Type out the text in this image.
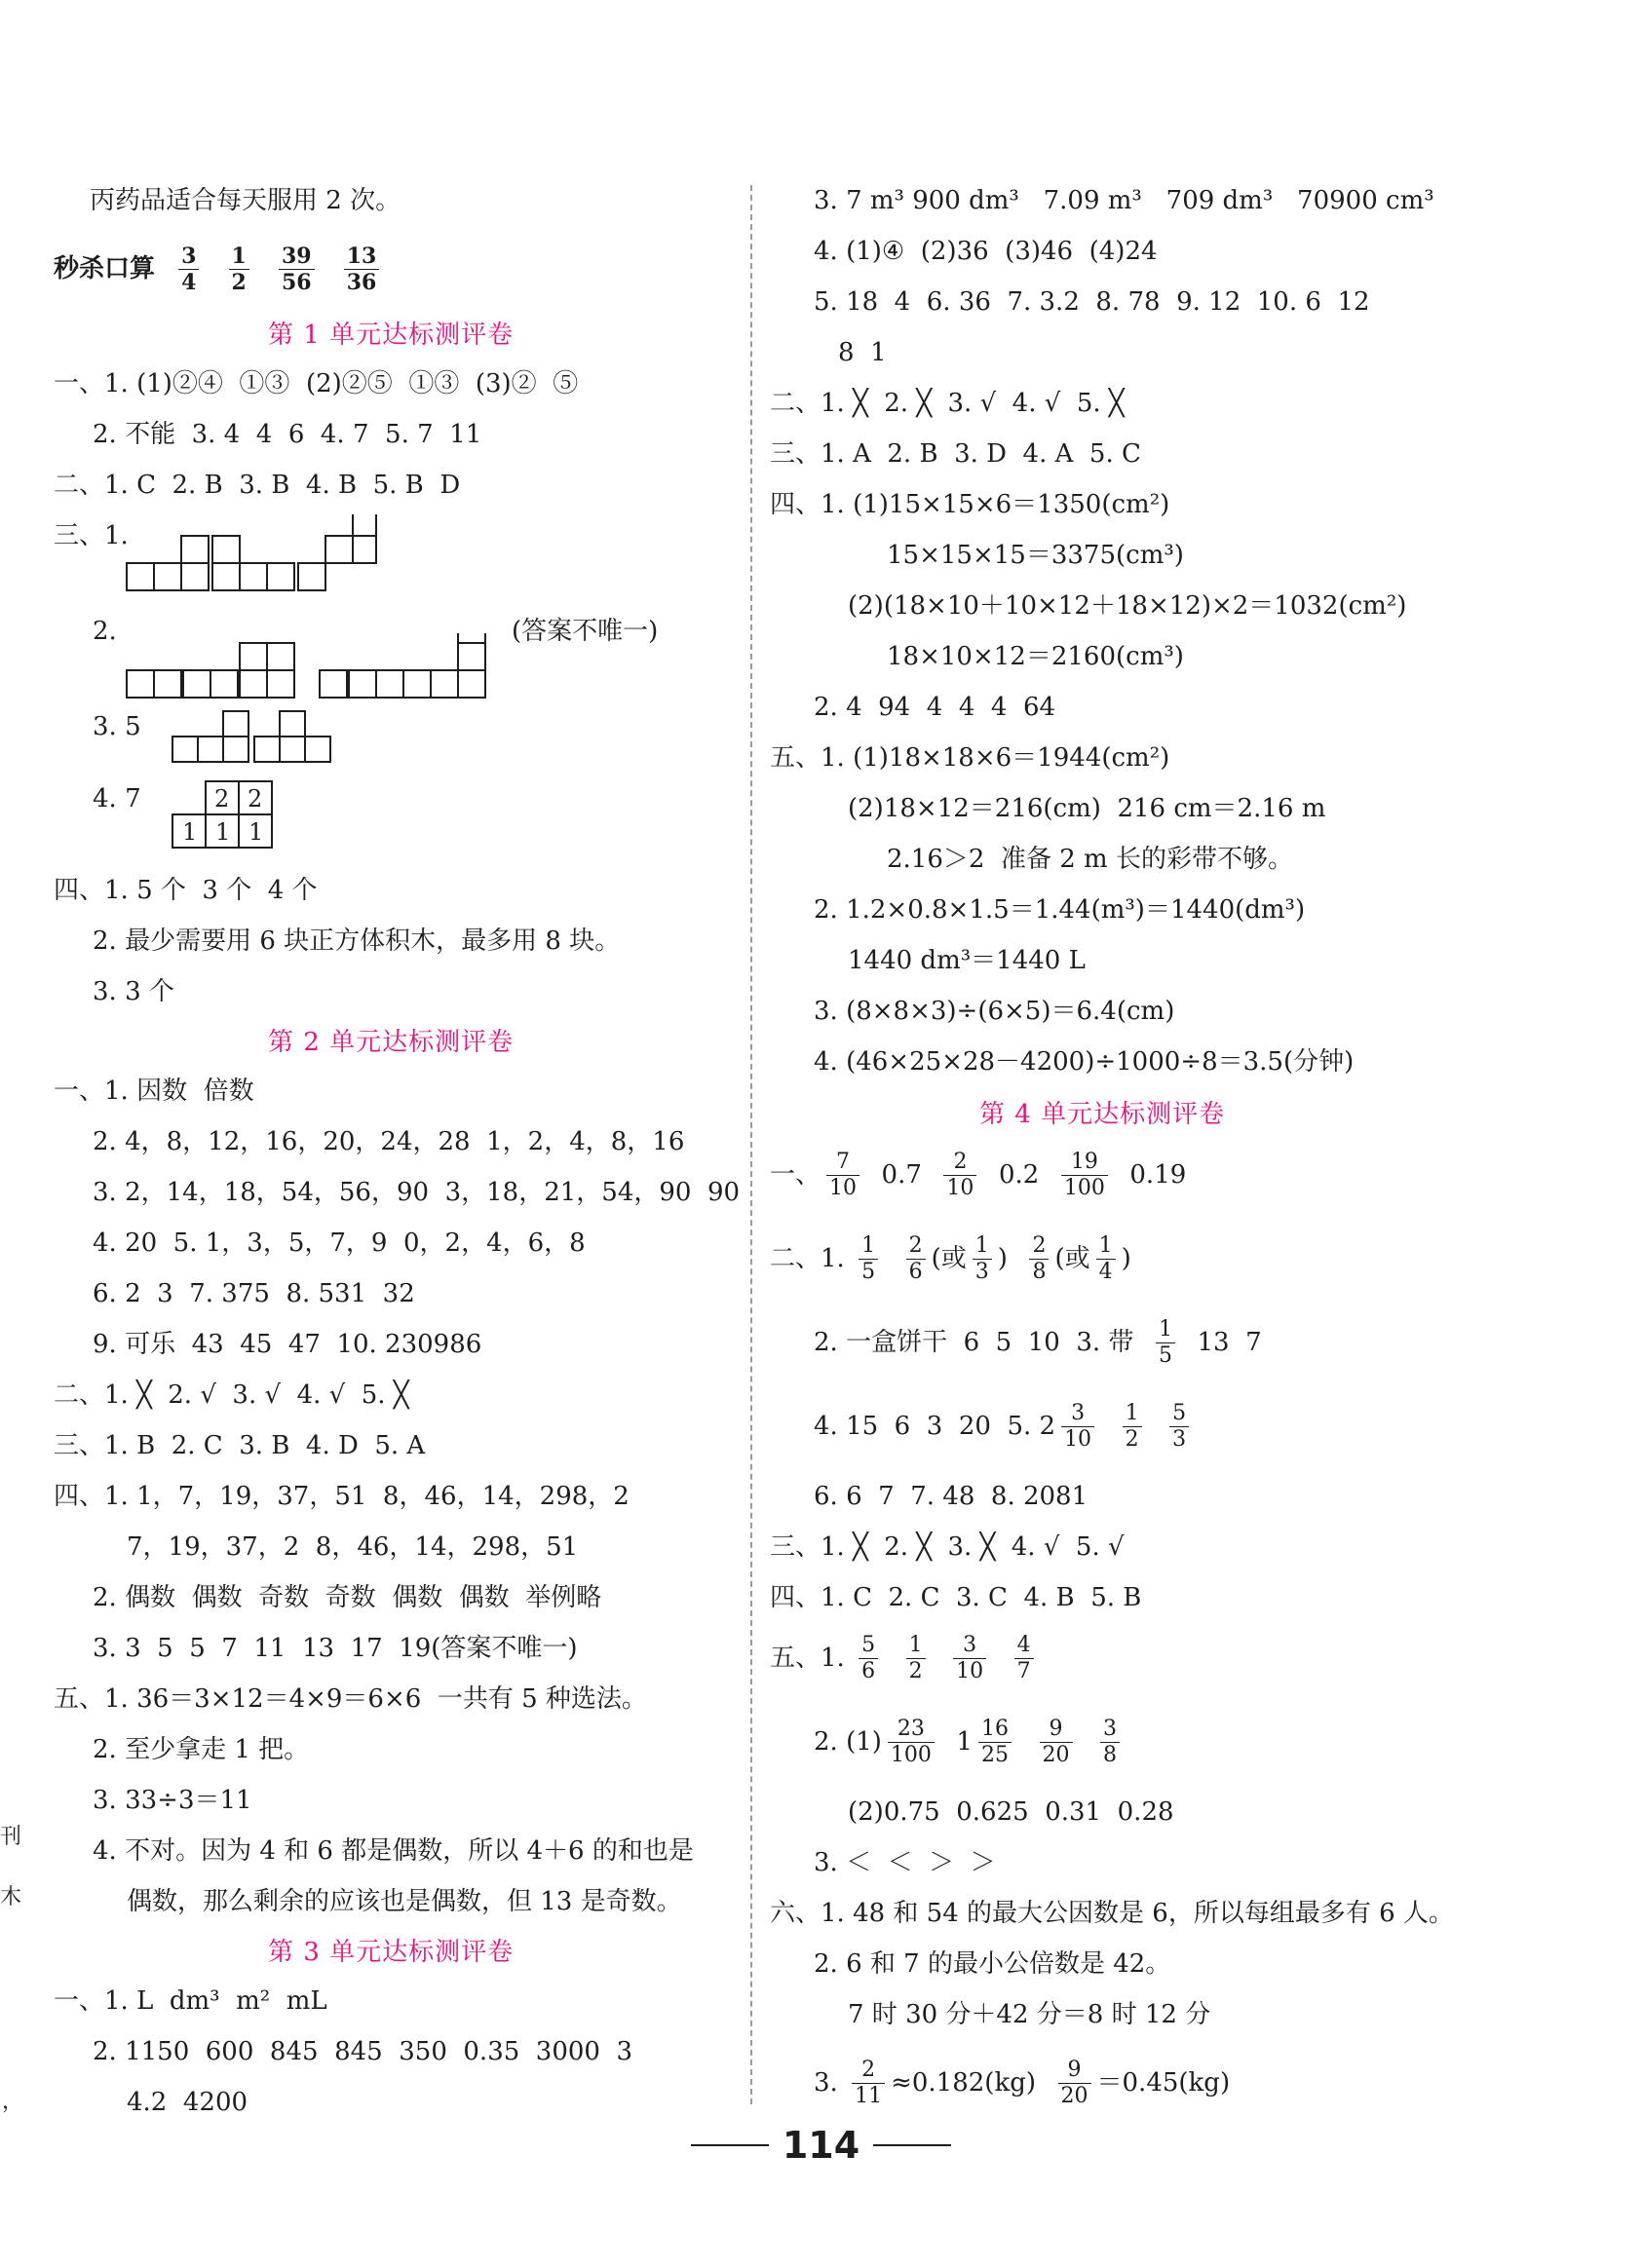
刊
木
，
丙药品适合每天服用 2 次。
秒杀口算 $\frac{3}{4}$
$\frac{1}{2}$
$\frac{39}{56}$
$\frac{13}{36}$
第 1 单元达标测评卷
一、1. (1)②④  ①③  (2)②⑤  ①③  (3)②  ⑤
2. 不能  3. 4  4  6  4. 7  5. 7  11
二、1. C  2. B  3. B  4. B  5. B  D
三、1.
2.	(答案不唯一)
3. 5
4. 7
四、1. 5 个  3 个  4 个
2. 最少需要用 6 块正方体积木，最多用 8 块。
3. 3 个
第 2 单元达标测评卷
一、1. 因数  倍数
2. 4，8，12，16，20，24，28  1，2，4，8，16
3. 2，14，18，54，56，90  3，18，21，54，90  90
4. 20  5. 1，3，5，7，9  0，2，4，6，8
6. 2  3  7. 375  8. 531  32
9. 可乐  43  45  47  10. 230986
二、1. ╳  2. √  3. √  4. √  5. ╳
三、1. B  2. C  3. B  4. D  5. A
四、1. 1，7，19，37，51  8，46，14，298，2
7，19，37，2  8，46，14，298，51
2. 偶数  偶数  奇数  奇数  偶数  偶数  举例略
3. 3  5  5  7  11  13  17  19(答案不唯一)
五、1. 36＝3×12＝4×9＝6×6  一共有 5 种选法。
2. 至少拿走 1 把。
3. 33÷3＝11
4. 不对。因为 4 和 6 都是偶数，所以 4＋6 的和也是
偶数，那么剩余的应该也是偶数，但 13 是奇数。
第 3 单元达标测评卷
一、1. L  dm³  m²  mL
2. 1150  600  845  845  350  0.35  3000  3
4.2  4200
3. 7 m³ 900 dm³   7.09 m³   709 dm³   70900 cm³
4. (1)④  (2)36  (3)46  (4)24
5. 18  4  6. 36  7. 3.2  8. 78  9. 12  10. 6  12
8  1
二、1. ╳  2. ╳  3. √  4. √  5. ╳
三、1. A  2. B  3. D  4. A  5. C
四、1. (1)15×15×6＝1350(cm²)
15×15×15＝3375(cm³)
(2)(18×10＋10×12＋18×12)×2＝1032(cm²)
18×10×12＝2160(cm³)
2. 4  94  4  4  4  64
五、1. (1)18×18×6＝1944(cm²)
(2)18×12＝216(cm)  216 cm＝2.16 m
2.16＞2  准备 2 m 长的彩带不够。
2. 1.2×0.8×1.5＝1.44(m³)＝1440(dm³)
1440 dm³＝1440 L
3. (8×8×3)÷(6×5)＝6.4(cm)
4. (46×25×28－4200)÷1000÷8＝3.5(分钟)
第 4 单元达标测评卷
一、 $\frac{7}{10} 0.7 \frac{2}{10} 0.2 \frac{19}{100} 0.19$
二、1. $\frac{1}{5}$
$\frac{2}{6}$ (或 $\frac{1}{3}$ ) $\frac{2}{8}$ (或 $\frac{1}{4}$ )
2. 一盒饼干  6  5  10  3. 带 $\frac{1}{5} 13$  7
4. 15  6  3  20  5. $2 \frac{3}{10}$
$\frac{1}{2}$
$\frac{5}{3}$
6. 6  7  7. 48  8. 2081
三、1. ╳  2. ╳  3. ╳  4. √  5. √
四、1. C  2. C  3. C  4. B  5. B
五、1. $\frac{5}{6}$
$\frac{1}{2}$
$\frac{3}{10}$
$\frac{4}{7}$
2. $(1) \frac{23}{100} 1 \frac{16}{25}$
$\frac{9}{20}$
$\frac{3}{8}$
(2)0.75  0.625  0.31  0.28
3. ＜  ＜  ＞  ＞
六、1. 48 和 54 的最大公因数是 6，所以每组最多有 6 人。
2. 6 和 7 的最小公倍数是 42。
7 时 30 分＋42 分＝8 时 12 分
3. $\frac{2}{11} \approx 0.182(kg) \frac{9}{20} =0.45(kg)$
2 2
1 1 1
114
